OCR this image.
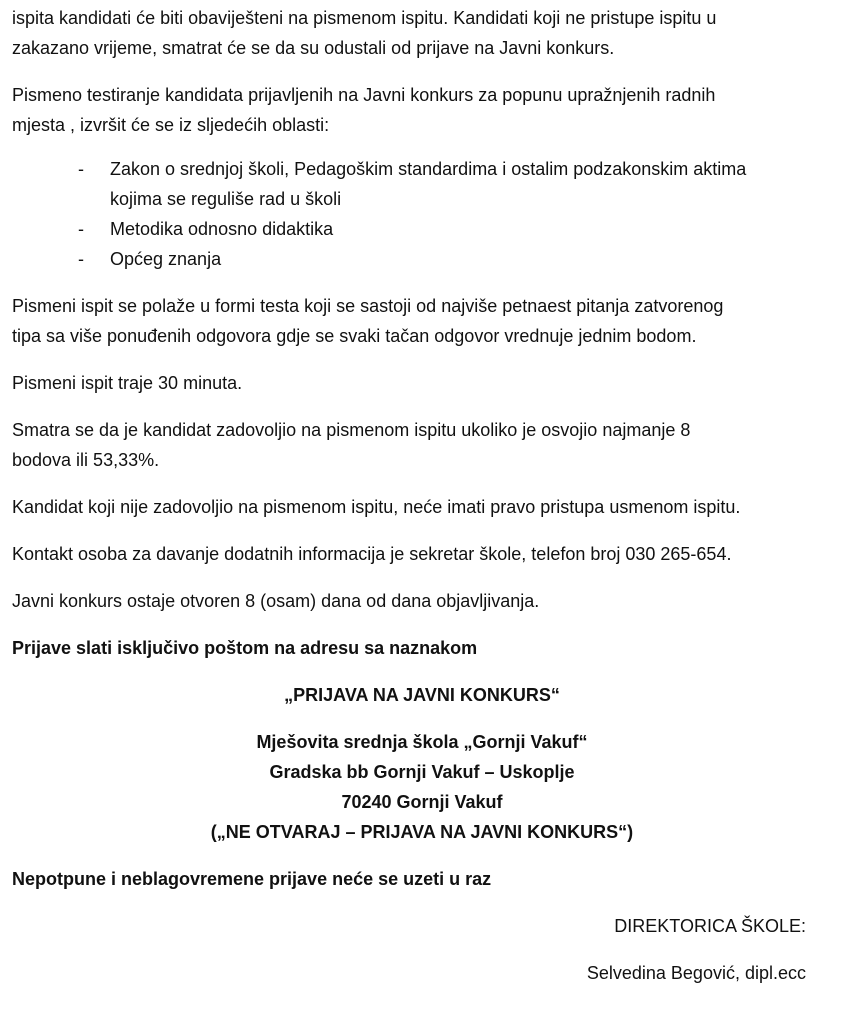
ispita kandidati će biti obaviješteni na pismenom ispitu. Kandidati koji ne pristupe ispitu u
zakazano vrijeme, smatrat će se da su odustali od prijave na Javni konkurs.

Pismeno testiranje kandidata prijavljenih na Javni konkurs za popunu upražnjenih radnih
mjesta , izvršit će se iz sljedećih oblasti:

- Zakon o srednjoj školi, Pedagoškim standardima i ostalim podzakonskim aktima
kojima se reguliše rad u školi
- Metodika odnosno didaktika
- Općeg znanja

Pismeni ispit se polaže u formi testa koji se sastoji od najviše petnaest pitanja zatvorenog
tipa sa više ponuđenih odgovora gdje se svaki tačan odgovor vrednuje jednim bodom.

Pismeni ispit traje 30 minuta.

Smatra se da je kandidat zadovoljio na pismenom ispitu ukoliko je osvojio najmanje 8
bodova ili 53,33%.

Kandidat koji nije zadovoljio na pismenom ispitu, neće imati pravo pristupa usmenom ispitu.

Kontakt osoba za davanje dodatnih informacija je sekretar škole, telefon broj 030 265-654.

Javni konkurs ostaje otvoren 8 (osam) dana od dana objavljivanja.

Prijave slati isključivo poštom na adresu sa naznakom

„PRIJAVA NA JAVNI KONKURS“

Mješovita srednja škola „Gornji Vakuf“
Gradska bb Gornji Vakuf – Uskoplje
70240 Gornji Vakuf
(„NE OTVARAJ – PRIJAVA NA JAVNI KONKURS“)

Nepotpune i neblagovremene prijave neće se uzeti u raz

DIREKTORICA ŠKOLE:
Selvedina Begović, dipl.ecc
